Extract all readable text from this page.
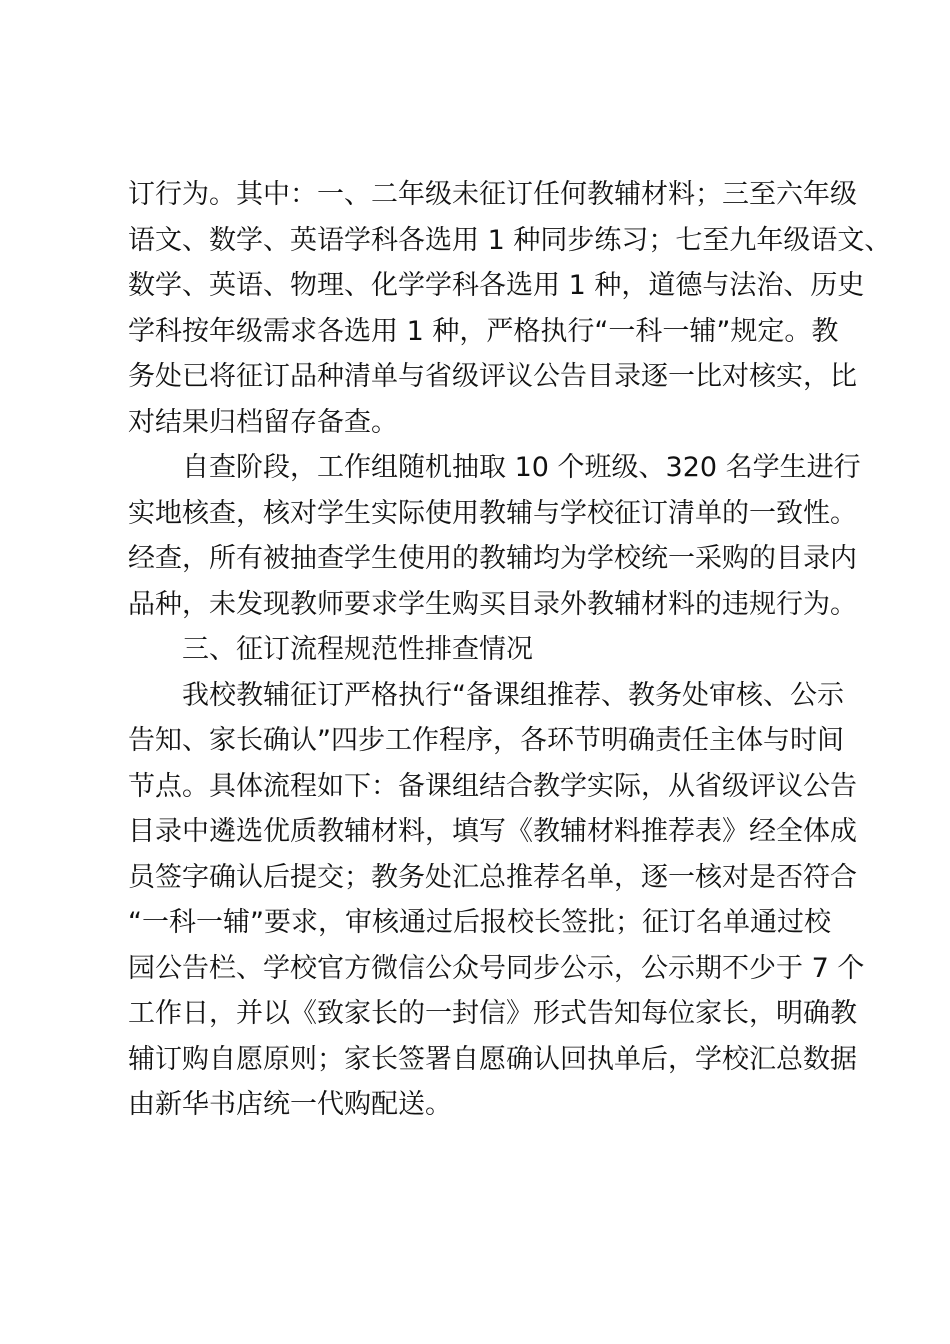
订行为。其中：一、二年级未征订任何教辅材料；三至六年级
语文、数学、英语学科各选用 1 种同步练习；七至九年级语文、
数学、英语、物理、化学学科各选用 1 种，道德与法治、历史
学科按年级需求各选用 1 种，严格执行“一科一辅”规定。教
务处已将征订品种清单与省级评议公告目录逐一比对核实，比
对结果归档留存备查。
自查阶段，工作组随机抽取 10 个班级、320 名学生进行
实地核查，核对学生实际使用教辅与学校征订清单的一致性。
经查，所有被抽查学生使用的教辅均为学校统一采购的目录内
品种，未发现教师要求学生购买目录外教辅材料的违规行为。
三、征订流程规范性排查情况
我校教辅征订严格执行“备课组推荐、教务处审核、公示
告知、家长确认”四步工作程序，各环节明确责任主体与时间
节点。具体流程如下：备课组结合教学实际，从省级评议公告
目录中遴选优质教辅材料，填写《教辅材料推荐表》经全体成
员签字确认后提交；教务处汇总推荐名单，逐一核对是否符合
“一科一辅”要求，审核通过后报校长签批；征订名单通过校
园公告栏、学校官方微信公众号同步公示，公示期不少于 7 个
工作日，并以《致家长的一封信》形式告知每位家长，明确教
辅订购自愿原则；家长签署自愿确认回执单后，学校汇总数据
由新华书店统一代购配送。
